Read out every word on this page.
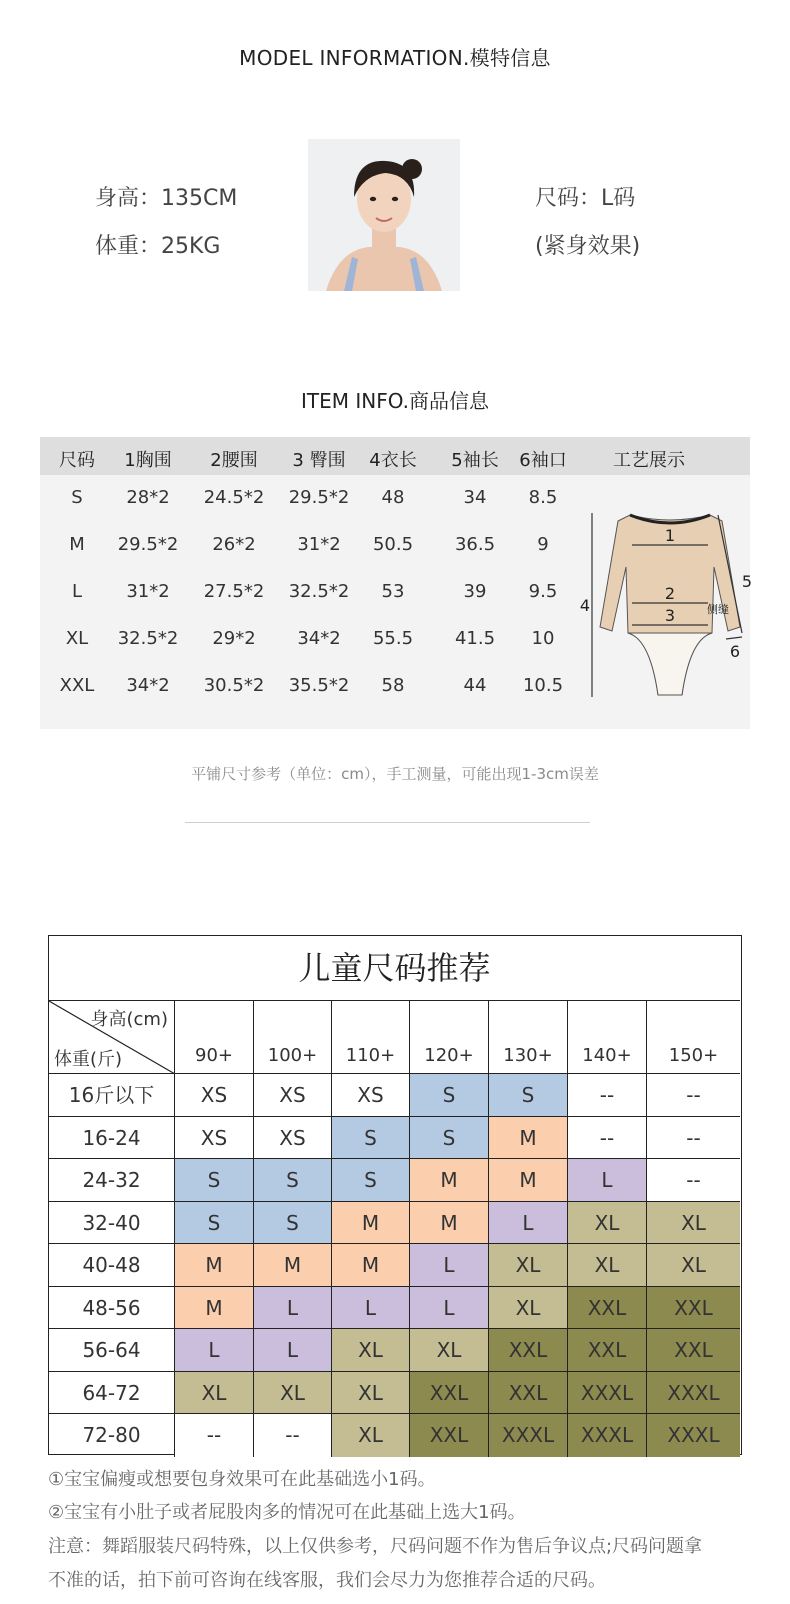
MODEL INFORMATION.模特信息
身高：135CM
体重：25KG
尺码：L码
(紧身效果)
ITEM INFO.商品信息
尺码	1胸围	2腰围	3 臀围	4衣长	5袖长	6袖口	工艺展示
S	28*2	24.5*2	29.5*2	48	34	8.5
M	29.5*2	26*2	31*2	50.5	36.5	9
L	31*2	27.5*2	32.5*2	53	39	9.5
XL	32.5*2	29*2	34*2	55.5	41.5	10
XXL	34*2	30.5*2	35.5*2	58	44	10.5
1
2
3
4
5
6
侧缝
平铺尺寸参考（单位：cm），手工测量，可能出现1-3cm误差
儿童尺码推荐
身高(cm)
体重(斤)	90+	100+	110+	120+	130+	140+	150+
16斤以下	XS	XS	XS	S	S	--	--
16-24	XS	XS	S	S	M	--	--
24-32	S	S	S	M	M	L	--
32-40	S	S	M	M	L	XL	XL
40-48	M	M	M	L	XL	XL	XL
48-56	M	L	L	L	XL	XXL	XXL
56-64	L	L	XL	XL	XXL	XXL	XXL
64-72	XL	XL	XL	XXL	XXL	XXXL	XXXL
72-80	--	--	XL	XXL	XXXL	XXXL	XXXL
①宝宝偏瘦或想要包身效果可在此基础选小1码。
②宝宝有小肚子或者屁股肉多的情况可在此基础上选大1码。
注意：舞蹈服装尺码特殊，以上仅供参考，尺码问题不作为售后争议点;尺码问题拿
不准的话，拍下前可咨询在线客服，我们会尽力为您推荐合适的尺码。
